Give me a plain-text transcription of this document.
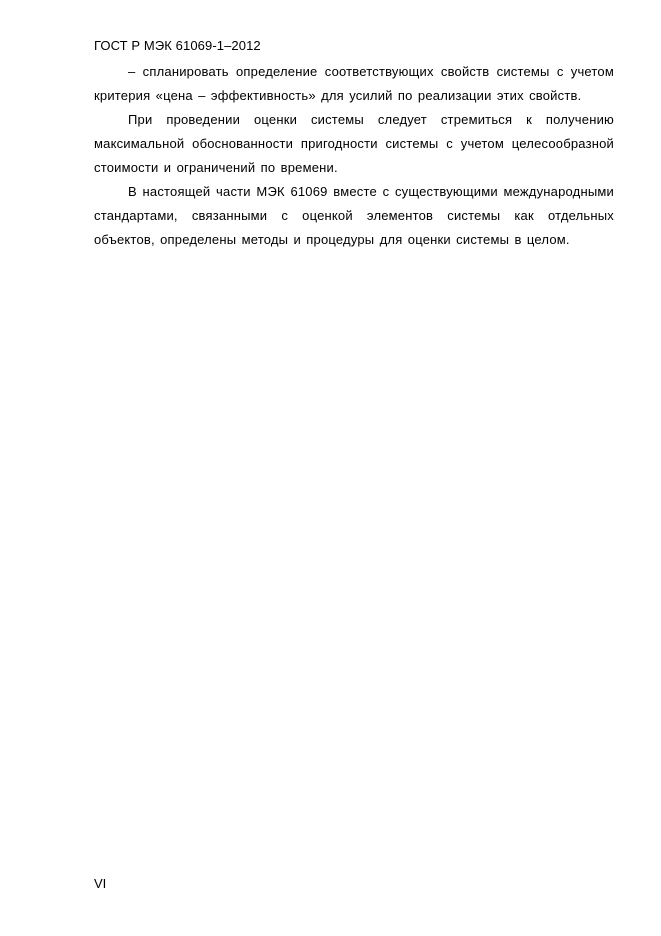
ГОСТ Р МЭК 61069-1–2012

– спланировать определение соответствующих свойств системы с учетом критерия «цена – эффективность» для усилий по реализации этих свойств.

При проведении оценки системы следует стремиться к получению максимальной обоснованности пригодности системы с учетом целесообразной стоимости и ограничений по времени.

В настоящей части МЭК 61069 вместе с существующими международными стандартами, связанными с оценкой элементов системы как отдельных объектов, определены методы и процедуры для оценки системы в целом.

VI
